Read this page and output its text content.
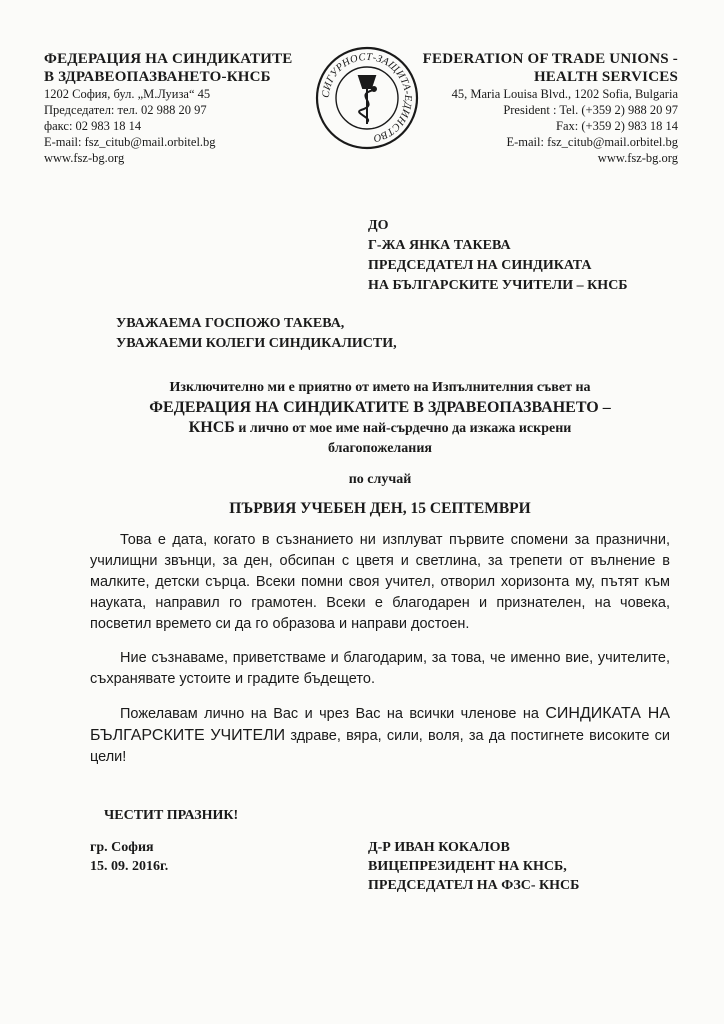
ФЕДЕРАЦИЯ НА СИНДИКАТИТЕ
В ЗДРАВЕОПАЗВАНЕТО-КНСБ
1202 София, бул. „М.Луиза“ 45
Председател: тел. 02 988 20 97
факс: 02 983 18 14
E-mail: fsz_citub@mail.orbitel.bg
www.fsz-bg.org
СИГУРНОСТ-ЗАЩИТА-ЕДИНСТВО
FEDERATION OF TRADE UNIONS -
HEALTH SERVICES
45, Maria Louisa Blvd., 1202 Sofia, Bulgaria
President : Tel. (+359 2) 988 20 97
Fax: (+359 2) 983 18 14
E-mail: fsz_citub@mail.orbitel.bg
www.fsz-bg.org
ДО
Г-ЖА ЯНКА ТАКЕВА
ПРЕДСЕДАТЕЛ НА СИНДИКАТА
НА БЪЛГАРСКИТЕ УЧИТЕЛИ – КНСБ
УВАЖАЕМА ГОСПОЖО ТАКЕВА,
УВАЖАЕМИ КОЛЕГИ СИНДИКАЛИСТИ,
Изключително ми е приятно от името на Изпълнителния съвет на
ФЕДЕРАЦИЯ НА СИНДИКАТИТЕ В ЗДРАВЕОПАЗВАНЕТО –
КНСБ и лично от мое име най-сърдечно да изкажа искрени
благопожелания
по случай
ПЪРВИЯ УЧЕБЕН ДЕН, 15 СЕПТЕМВРИ

Това е дата, когато в съзнанието ни изплуват първите спомени за празнични, училищни звънци, за ден, обсипан с цветя и светлина, за трепети от вълнение в малките, детски сърца. Всеки помни своя учител, отворил хоризонта му, пътят към науката, направил го грамотен. Всеки е благодарен и признателен, на човека, посветил времето си да го образова и направи достоен.

Ние съзнаваме, приветстваме и благодарим, за това, че именно вие, учителите, съхранявате устоите и градите бъдещето.

Пожелавам лично на Вас и чрез Вас на всички членове на СИНДИКАТА НА БЪЛГАРСКИТЕ УЧИТЕЛИ здраве, вяра, сили, воля, за да постигнете високите си цели!

ЧЕСТИТ ПРАЗНИК!
гр. София
15. 09. 2016г.
Д-Р ИВАН КОКАЛОВ
ВИЦЕПРЕЗИДЕНТ НА КНСБ,
ПРЕДСЕДАТЕЛ НА ФЗС- КНСБ
